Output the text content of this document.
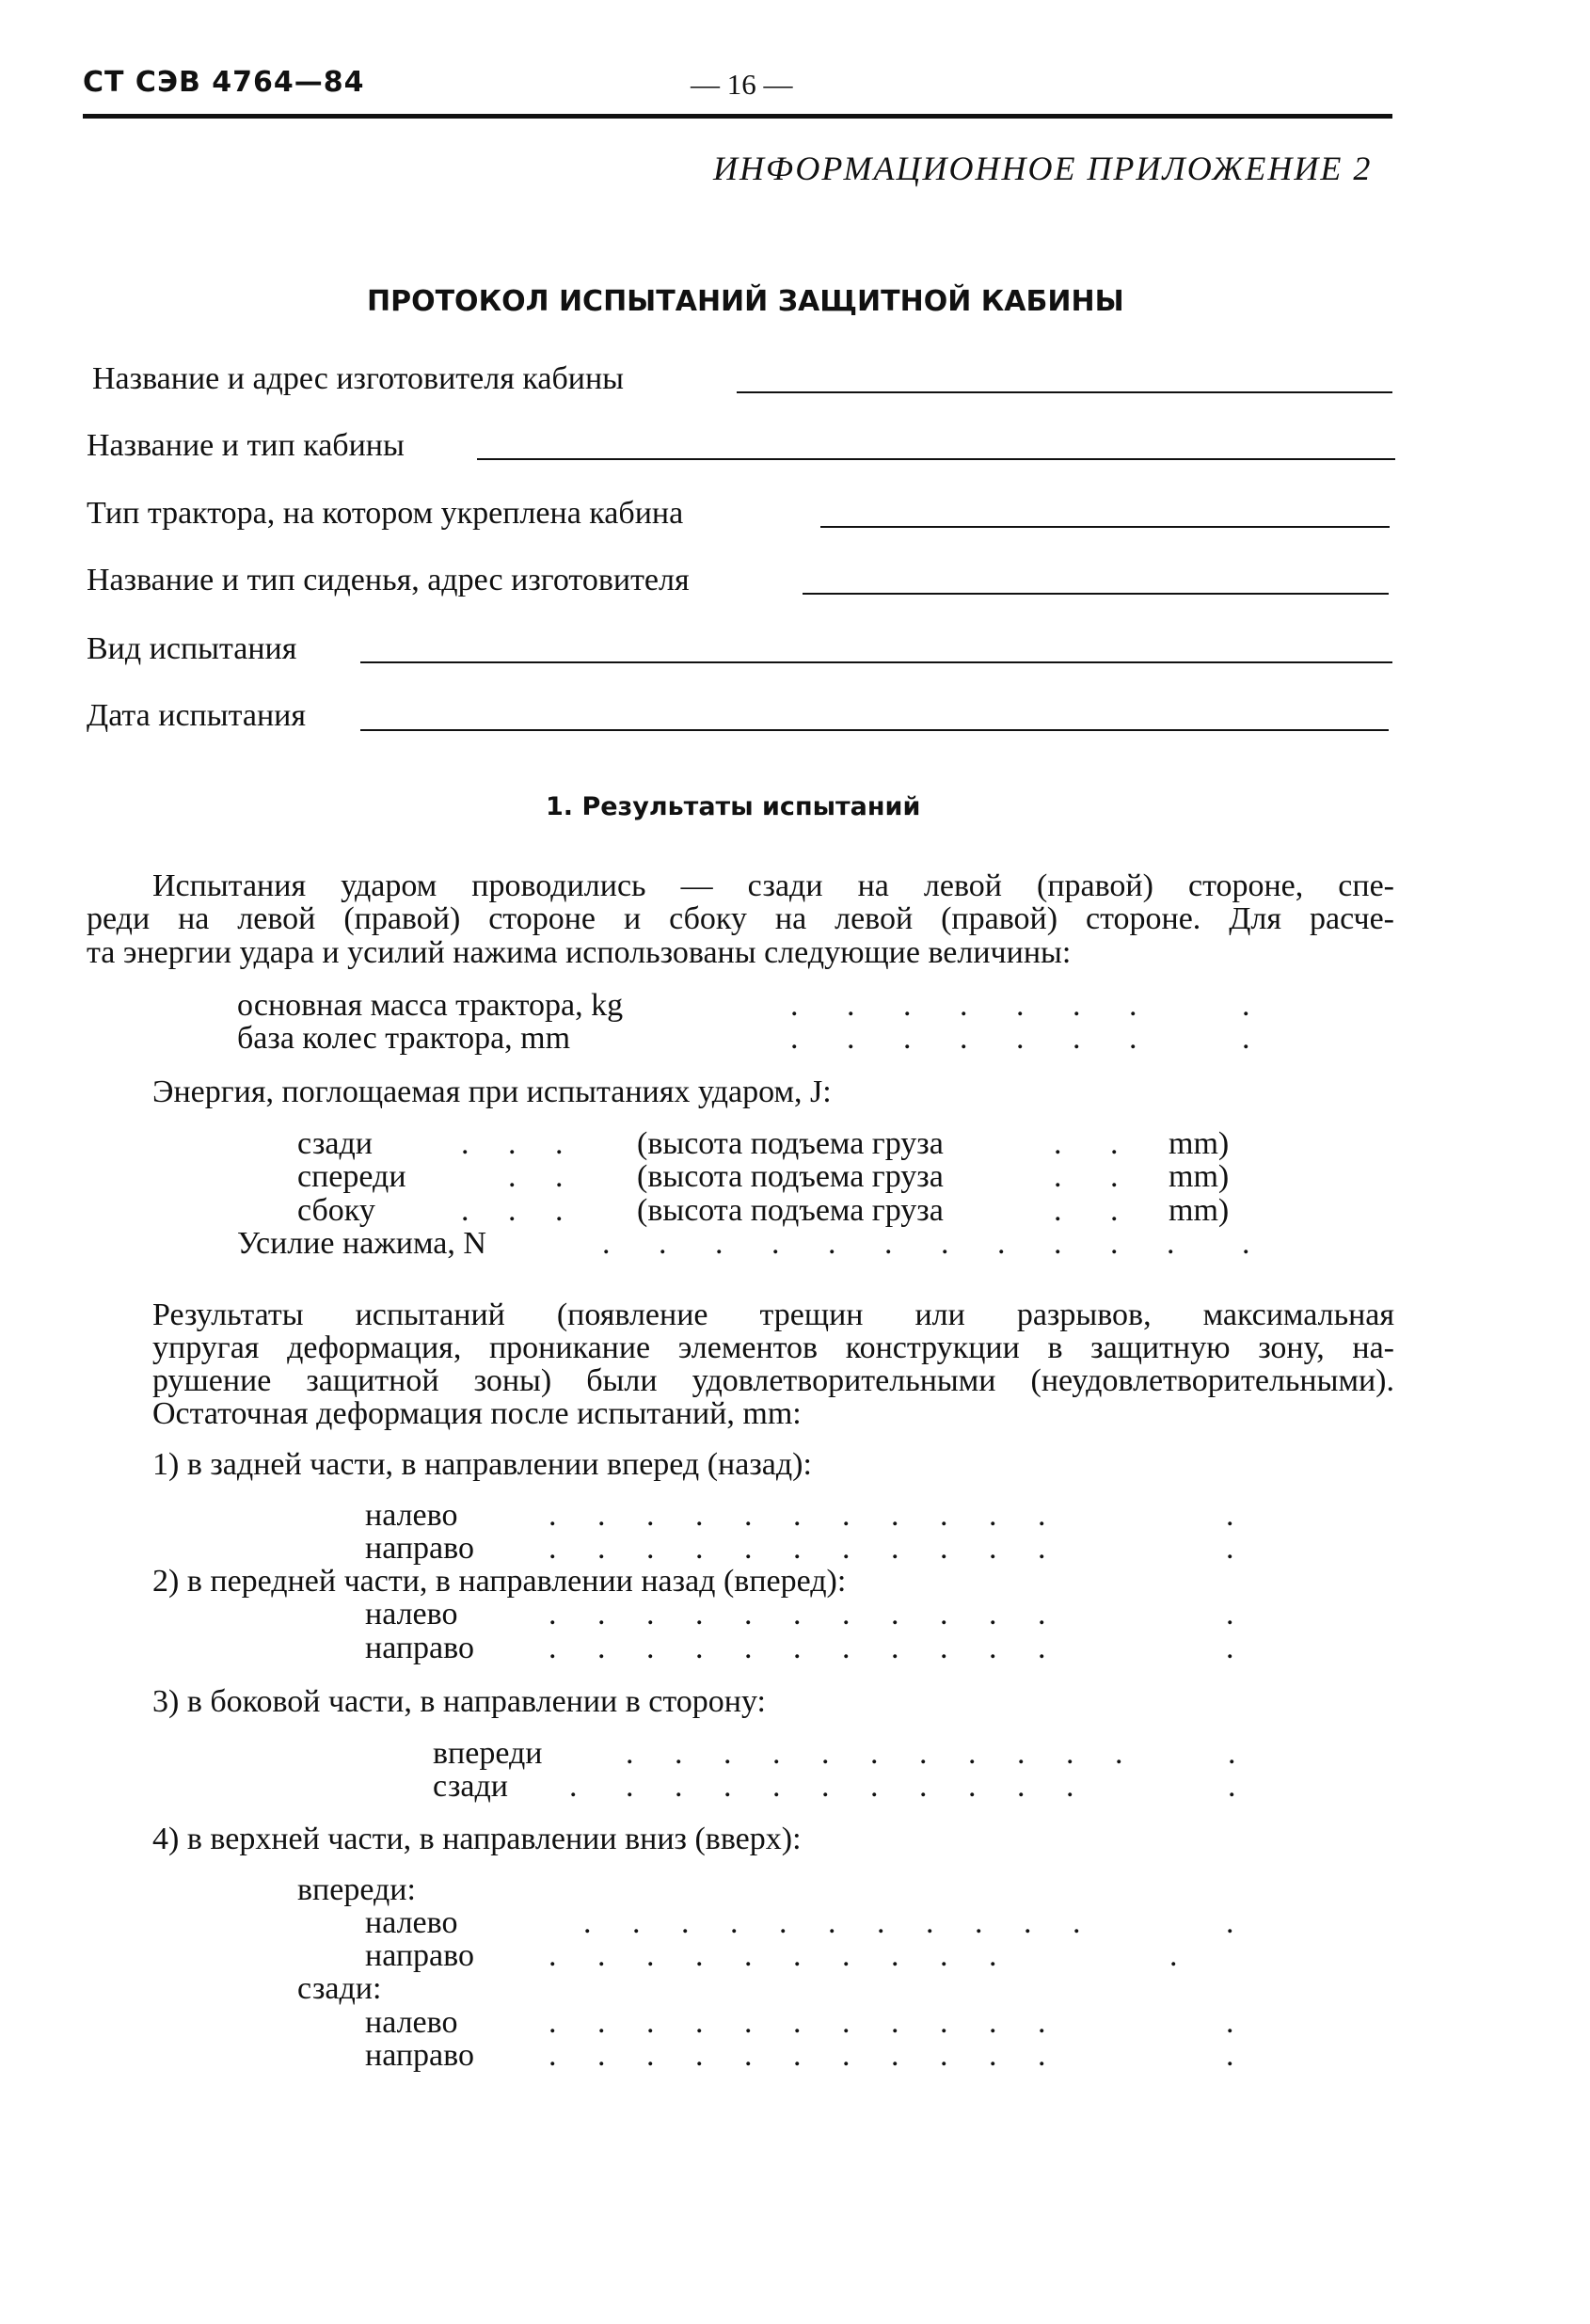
СТ СЭВ 4764—84	— 16 —
ИНФОРМАЦИОННОЕ ПРИЛОЖЕНИЕ 2
ПРОТОКОЛ ИСПЫТАНИЙ ЗАЩИТНОЙ КАБИНЫ
Название и адрес изготовителя кабины
Название и тип кабины
Тип трактора, на котором укреплена кабина
Название и тип сиденья, адрес изготовителя
Вид испытания
Дата испытания
1. Результаты испытаний
Испытания ударом проводились — сзади на левой (правой) стороне, спе-
реди на левой (правой) стороне и сбоку на левой (правой) стороне. Для расче-
та энергии удара и усилий нажима использованы следующие величины:
основная масса трактора, kg	. . . . . . .	.
база колес трактора, mm	. . . . . . .	.
Энергия, поглощаемая при испытаниях ударом, J:
сзади	. . . (высота подъема груза	. . mm)
спереди	. . (высота подъема груза	. . mm)
сбоку	. . . (высота подъема груза	. . mm)
Усилие нажима, N	. . . . . . . . . . . .
Результаты испытаний (появление трещин или разрывов, максимальная
упругая деформация, проникание элементов конструкции в защитную зону, на-
рушение защитной зоны) были удовлетворительными (неудовлетворительными).
Остаточная деформация после испытаний, mm:
1) в задней части, в направлении вперед (назад):
налево	. . . . . . . . . . .	.
направо . . . . . . . . . . .	.
2) в передней части, в направлении назад (вперед):
налево	. . . . . . . . . . .	.
направо . . . . . . . . . . .	.
3) в боковой части, в направлении в сторону:
впереди	. . . . . . . . . . .	.
сзади . . . . . . . . . . .	.
4) в верхней части, в направлении вниз (вверх):
впереди:
налево	. . . . . . . . . . .	.
направо . . . . . . . . . .	.
сзади:
налево	. . . . . . . . . . .	.
направо . . . . . . . . . . .	.
